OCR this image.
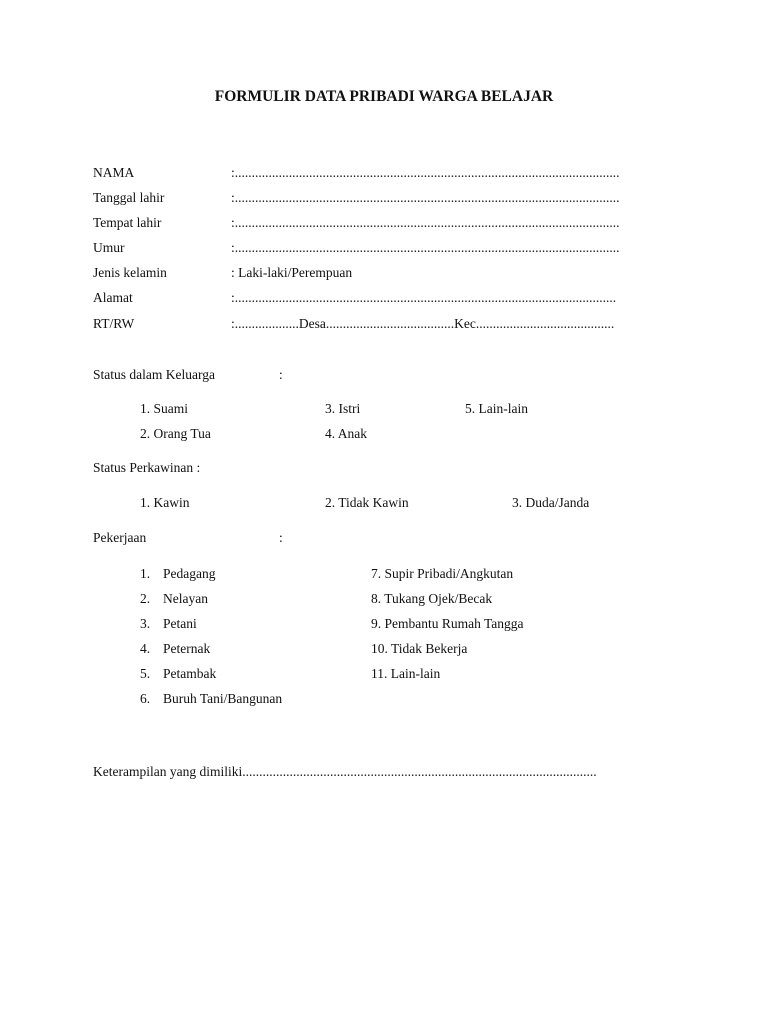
FORMULIR DATA PRIBADI WARGA BELAJAR
NAMA	:..................................................................................................................
Tanggal lahir	:..................................................................................................................
Tempat lahir	:..................................................................................................................
Umur	:..................................................................................................................
Jenis kelamin	: Laki-laki/Perempuan
Alamat	:.................................................................................................................
RT/RW	:...................Desa......................................Kec.........................................
Status dalam Keluarga	:
1. Suami	3. Istri	5. Lain-lain
2. Orang Tua	4. Anak
Status Perkawinan :
1. Kawin	2. Tidak Kawin	3. Duda/Janda
Pekerjaan	:
1. Pedagang	7. Supir Pribadi/Angkutan
2. Nelayan	8. Tukang Ojek/Becak
3. Petani	9. Pembantu Rumah Tangga
4. Peternak	10. Tidak Bekerja
5. Petambak	11. Lain-lain
6. Buruh Tani/Bangunan
Keterampilan yang dimiliki.........................................................................................................
